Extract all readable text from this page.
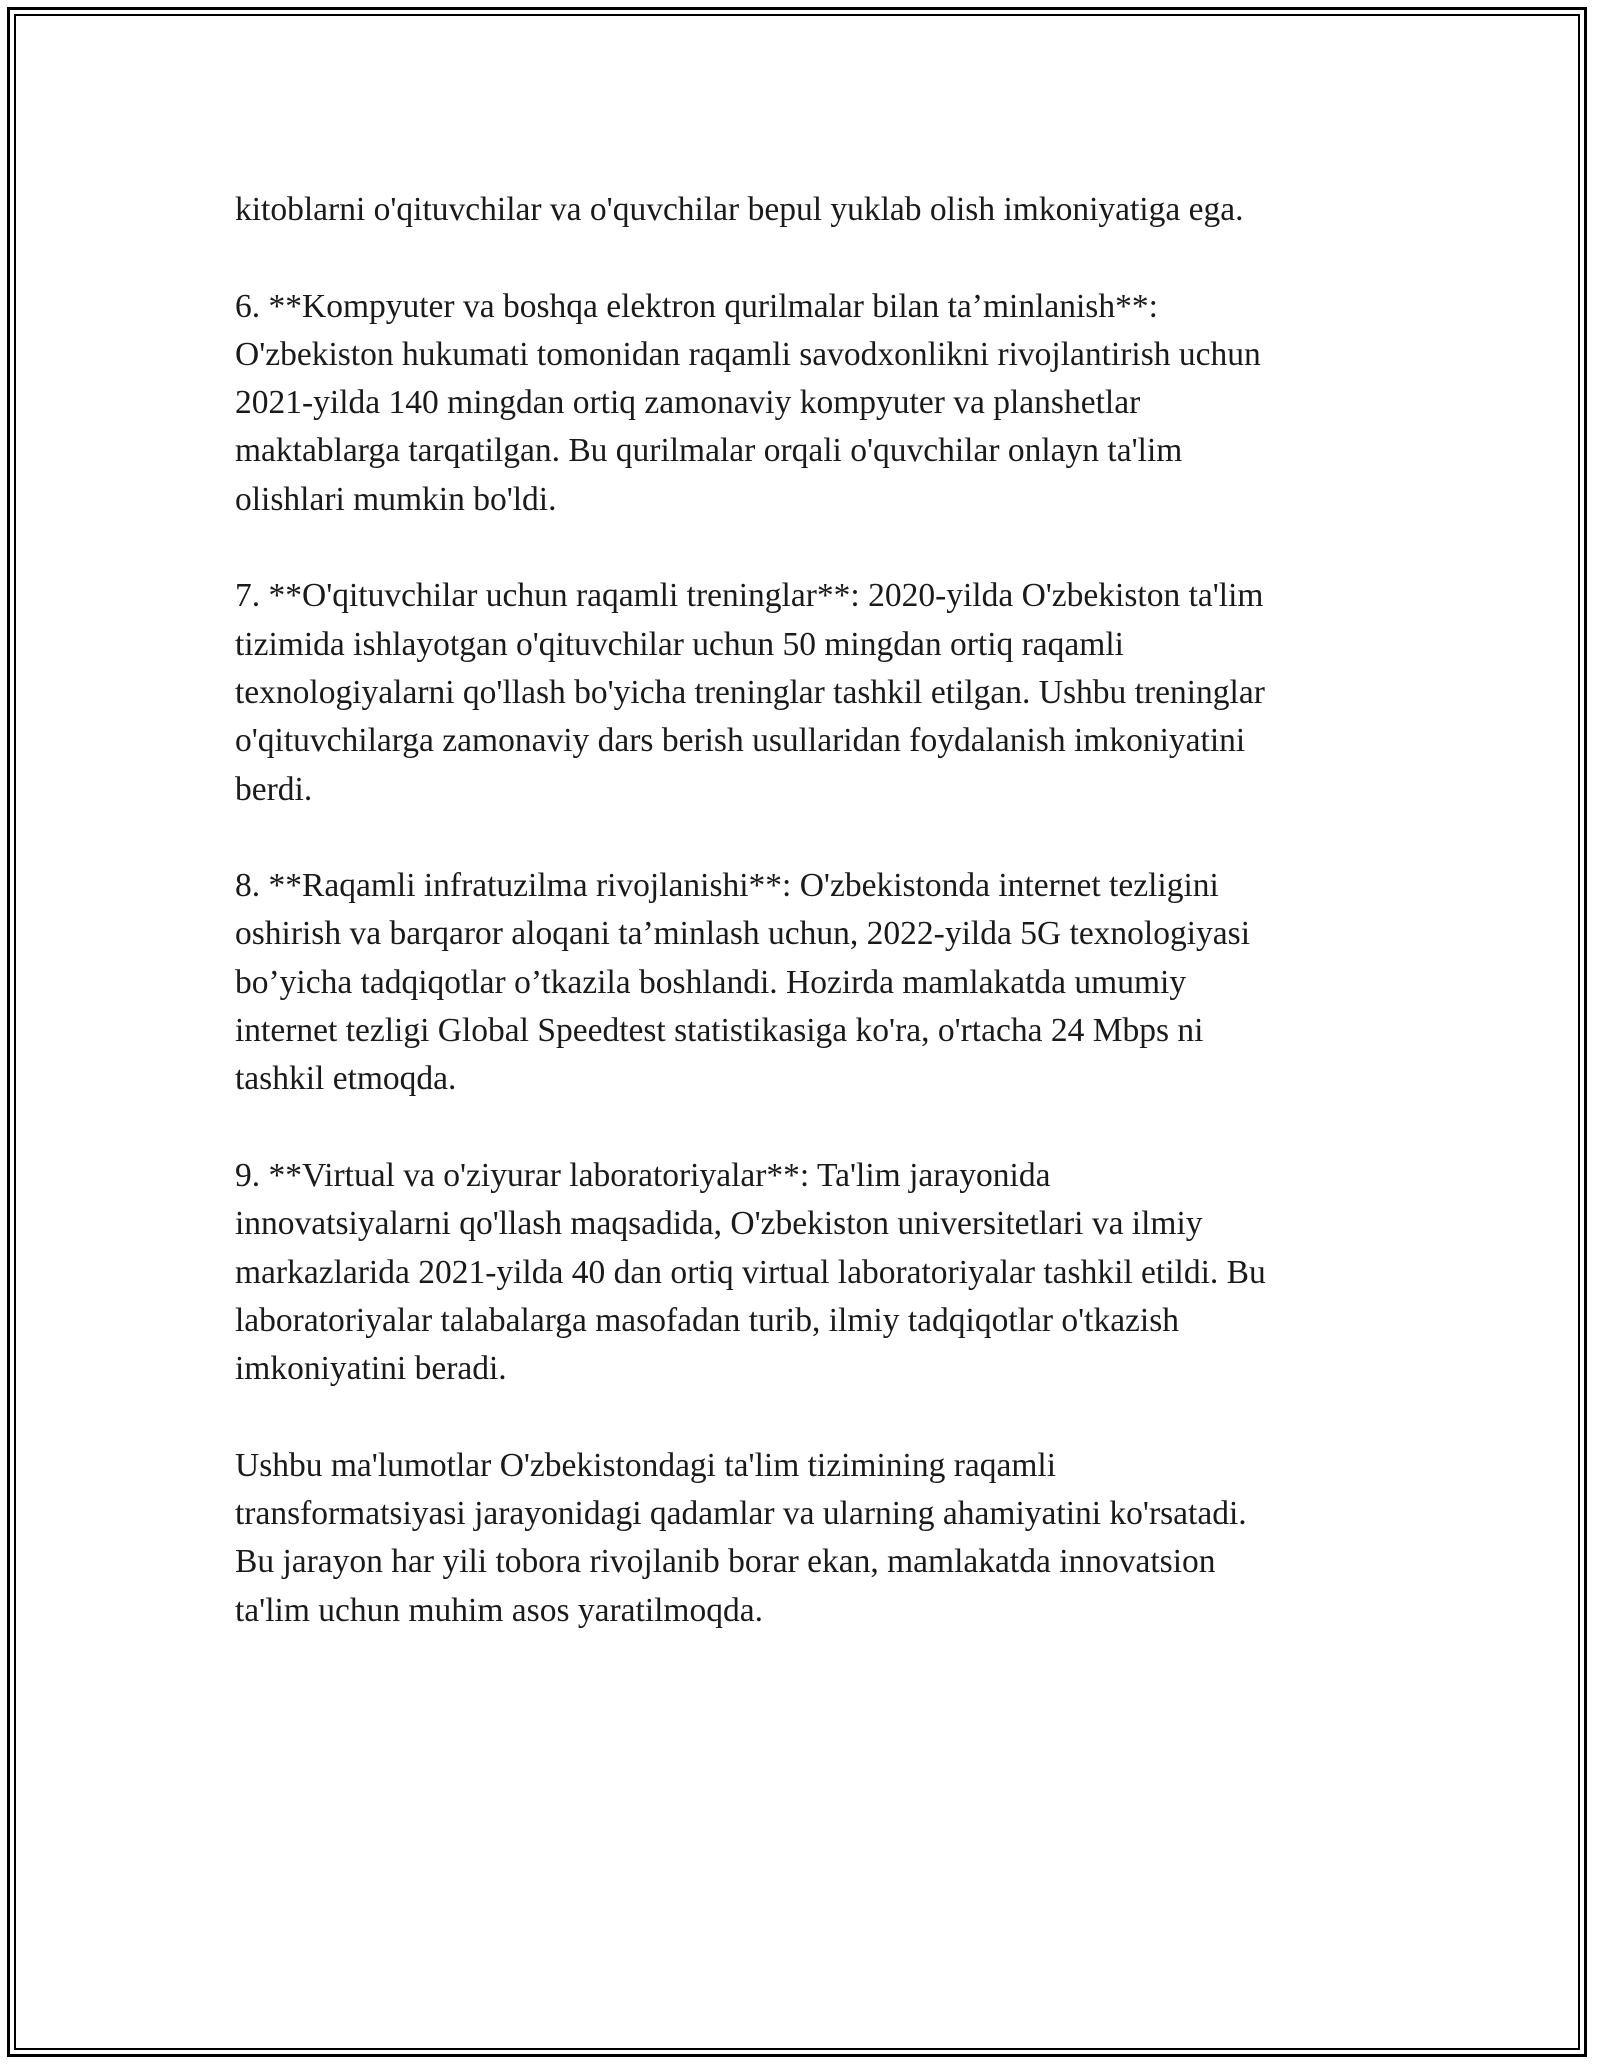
kitoblarni o'qituvchilar va o'quvchilar bepul yuklab olish imkoniyatiga ega.

6. **Kompyuter va boshqa elektron qurilmalar bilan ta’minlanish**:
O'zbekiston hukumati tomonidan raqamli savodxonlikni rivojlantirish uchun
2021-yilda 140 mingdan ortiq zamonaviy kompyuter va planshetlar
maktablarga tarqatilgan. Bu qurilmalar orqali o'quvchilar onlayn ta'lim
olishlari mumkin bo'ldi.

7. **O'qituvchilar uchun raqamli treninglar**: 2020-yilda O'zbekiston ta'lim
tizimida ishlayotgan o'qituvchilar uchun 50 mingdan ortiq raqamli
texnologiyalarni qo'llash bo'yicha treninglar tashkil etilgan. Ushbu treninglar
o'qituvchilarga zamonaviy dars berish usullaridan foydalanish imkoniyatini
berdi.

8. **Raqamli infratuzilma rivojlanishi**: O'zbekistonda internet tezligini
oshirish va barqaror aloqani ta’minlash uchun, 2022-yilda 5G texnologiyasi
bo’yicha tadqiqotlar o’tkazila boshlandi. Hozirda mamlakatda umumiy
internet tezligi Global Speedtest statistikasiga ko'ra, o'rtacha 24 Mbps ni
tashkil etmoqda.

9. **Virtual va o'ziyurar laboratoriyalar**: Ta'lim jarayonida
innovatsiyalarni qo'llash maqsadida, O'zbekiston universitetlari va ilmiy
markazlarida 2021-yilda 40 dan ortiq virtual laboratoriyalar tashkil etildi. Bu
laboratoriyalar talabalarga masofadan turib, ilmiy tadqiqotlar o'tkazish
imkoniyatini beradi.

Ushbu ma'lumotlar O'zbekistondagi ta'lim tizimining raqamli
transformatsiyasi jarayonidagi qadamlar va ularning ahamiyatini ko'rsatadi.
Bu jarayon har yili tobora rivojlanib borar ekan, mamlakatda innovatsion
ta'lim uchun muhim asos yaratilmoqda.
